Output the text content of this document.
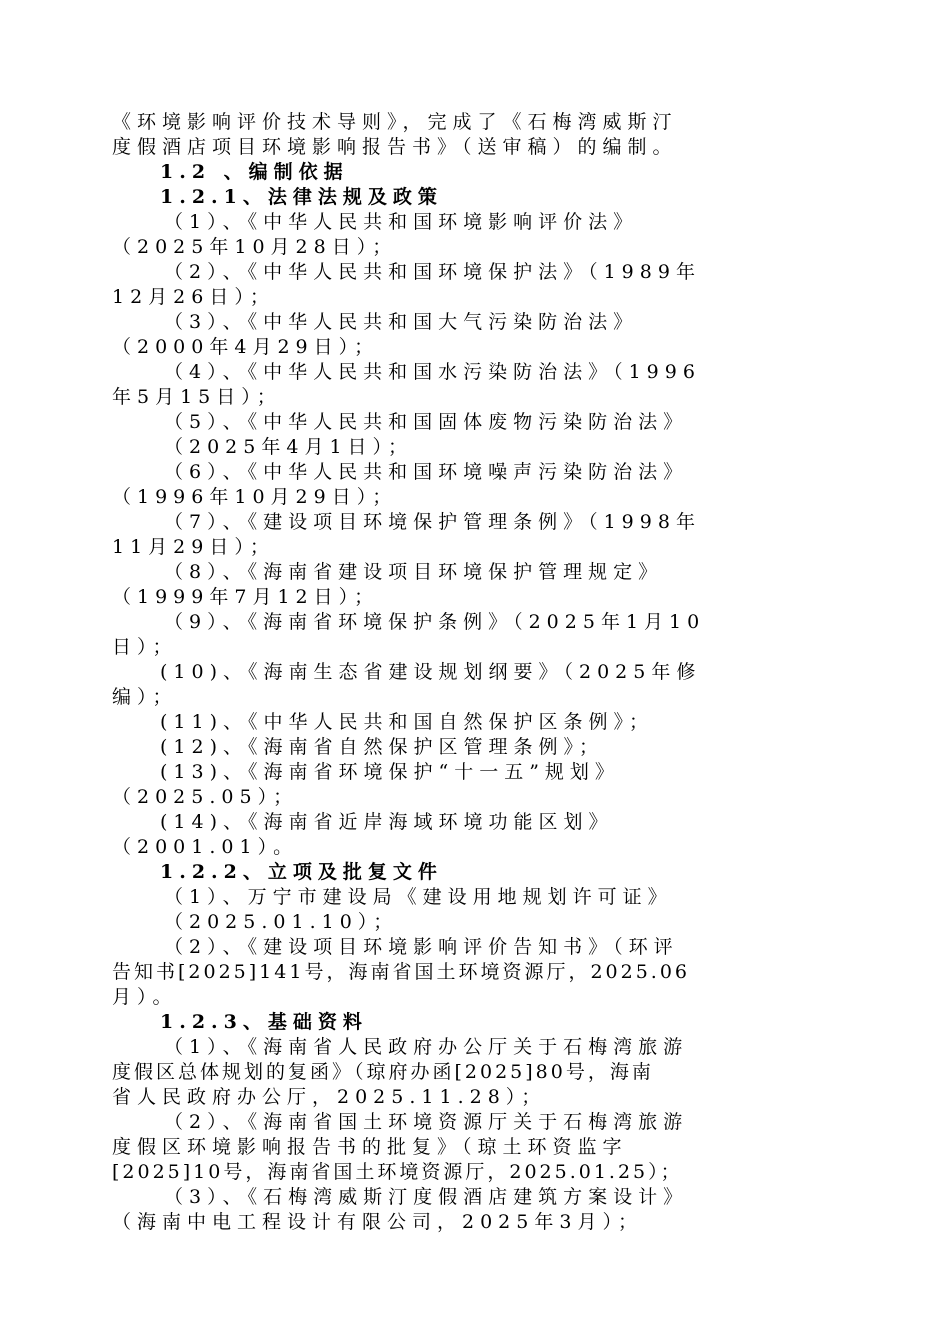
《环境影响评价技术导则》，完成了《石梅湾威斯汀
度假酒店项目环境影响报告书》（送审稿）的编制。
1.2 、编制依据
1.2.1、法律法规及政策
（1）、《中华人民共和国环境影响评价法》
（2025年10月28日）；
（2）、《中华人民共和国环境保护法》（1989年
12月26日）；
（3）、《中华人民共和国大气污染防治法》
（2000年4月29日）；
（4）、《中华人民共和国水污染防治法》（1996
年5月15日）；
（5）、《中华人民共和国固体废物污染防治法》
（2025年4月1日）；
（6）、《中华人民共和国环境噪声污染防治法》
（1996年10月29日）；
（7）、《建设项目环境保护管理条例》（1998年
11月29日）；
（8）、《海南省建设项目环境保护管理规定》
（1999年7月12日）；
（9）、《海南省环境保护条例》（2025年1月10
日）；
(10)、《海南生态省建设规划纲要》（2025年修
编）；
(11)、《中华人民共和国自然保护区条例》；
(12)、《海南省自然保护区管理条例》；
(13)、《海南省环境保护“十一五”规划》
（2025.05）；
(14)、《海南省近岸海域环境功能区划》
（2001.01）。
1.2.2、立项及批复文件
（1）、万宁市建设局《建设用地规划许可证》
（2025.01.10）；
（2）、《建设项目环境影响评价告知书》（环评
告知书[2025]141号，海南省国土环境资源厅，2025.06
月）。
1.2.3、基础资料
（1）、《海南省人民政府办公厅关于石梅湾旅游
度假区总体规划的复函》（琼府办函[2025]80号，海南
省人民政府办公厅，2025.11.28）；
（2）、《海南省国土环境资源厅关于石梅湾旅游
度假区环境影响报告书的批复》（琼土环资监字
[2025]10号，海南省国土环境资源厅，2025.01.25）；
（3）、《石梅湾威斯汀度假酒店建筑方案设计》
（海南中电工程设计有限公司，2025年3月）；
